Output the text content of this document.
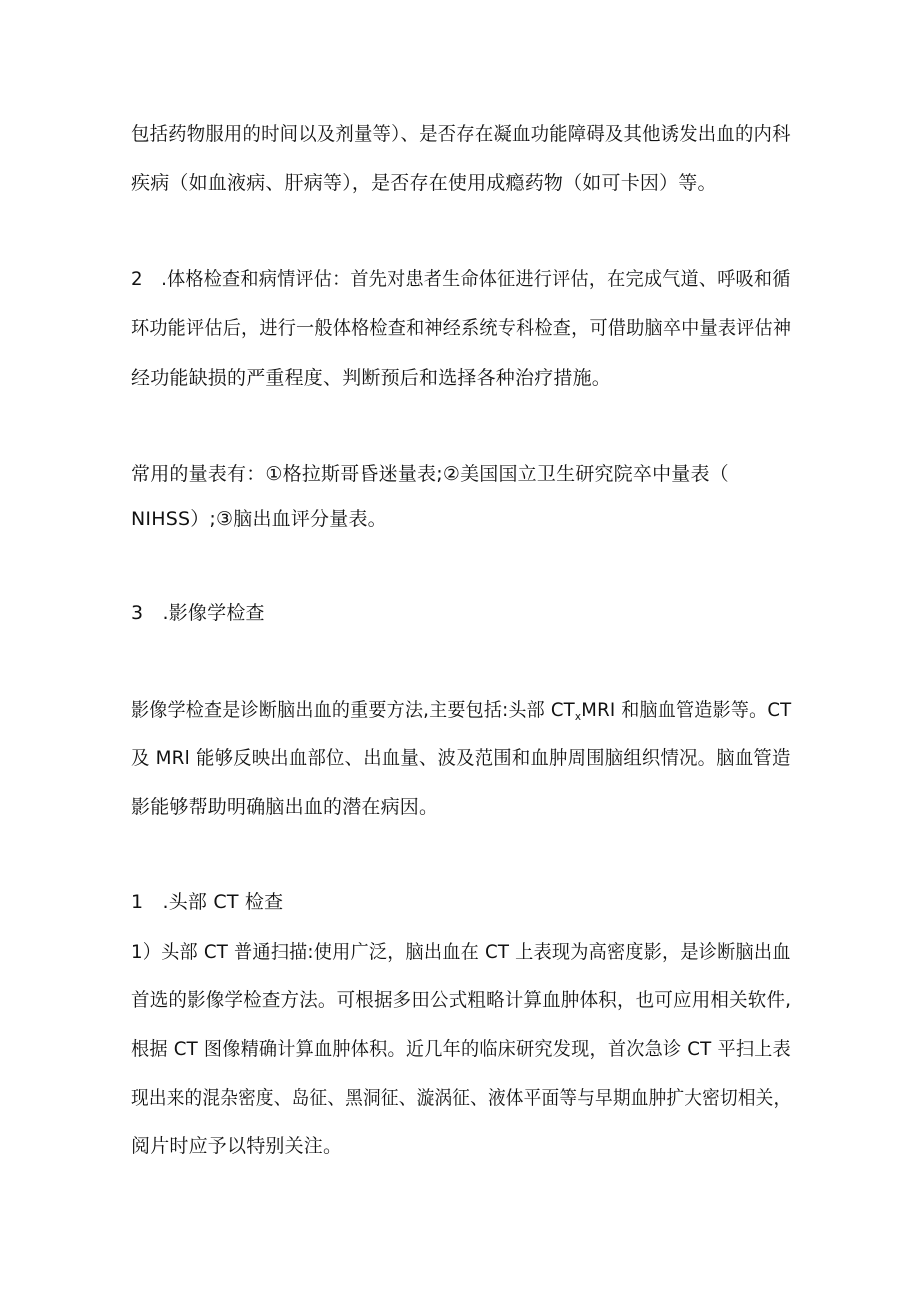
包括药物服用的时间以及剂量等）、是否存在凝血功能障碍及其他诱发出血的内科
疾病（如血液病、肝病等），是否存在使用成瘾药物（如可卡因）等。
2　.体格检查和病情评估：首先对患者生命体征进行评估，在完成气道、呼吸和循
环功能评估后，进行一般体格检查和神经系统专科检查，可借助脑卒中量表评估神
经功能缺损的严重程度、判断预后和选择各种治疗措施。
常用的量表有：①格拉斯哥昏迷量表;②美国国立卫生研究院卒中量表（
NIHSS）;③脑出血评分量表。
3　.影像学检查
影像学检查是诊断脑出血的重要方法,主要包括:头部 $CT_xMRI$ 和脑血管造影等。CT
及 MRl 能够反映出血部位、出血量、波及范围和血肿周围脑组织情况。脑血管造
影能够帮助明确脑出血的潜在病因。
1　.头部 CT 检查
1）头部 CT 普通扫描:使用广泛，脑出血在 CT 上表现为高密度影，是诊断脑出血
首选的影像学检查方法。可根据多田公式粗略计算血肿体积，也可应用相关软件,
根据 CT 图像精确计算血肿体积。近几年的临床研究发现，首次急诊 CT 平扫上表
现出来的混杂密度、岛征、黑洞征、漩涡征、液体平面等与早期血肿扩大密切相关，
阅片时应予以特别关注。
